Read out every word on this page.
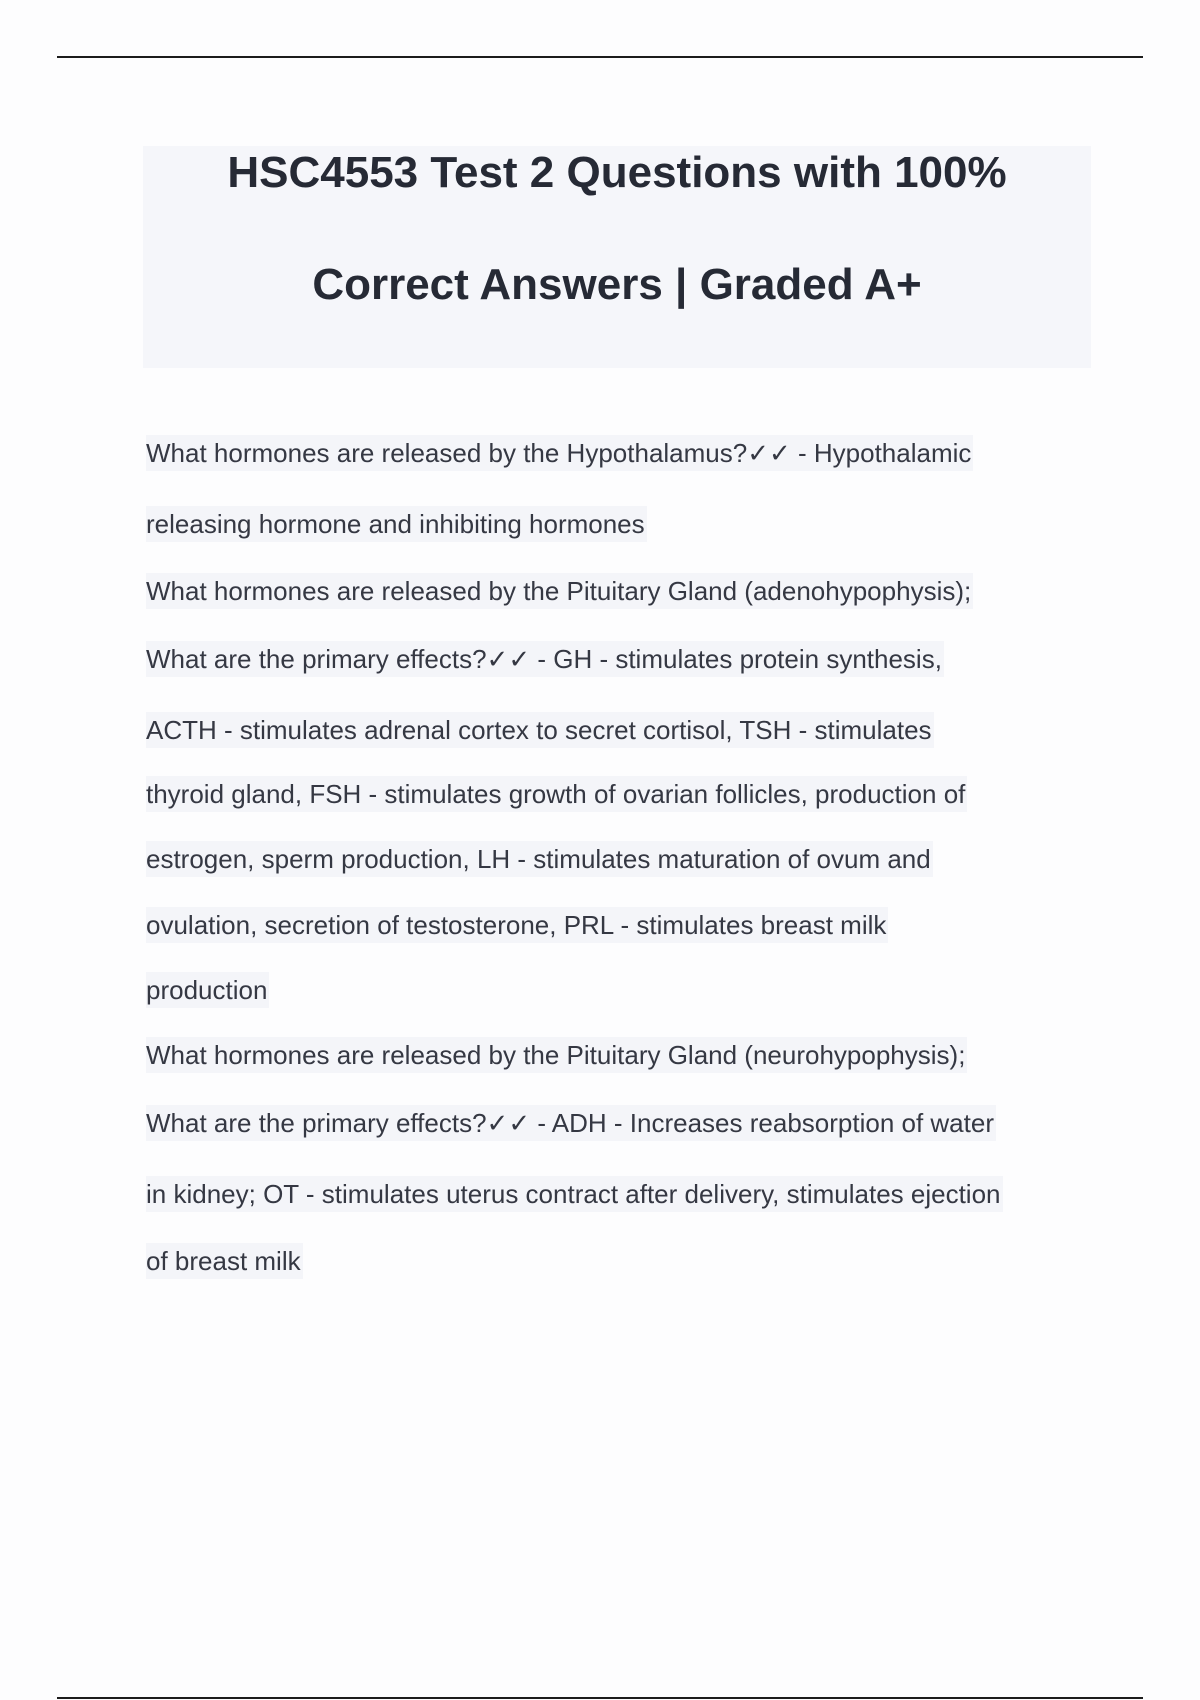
HSC4553 Test 2 Questions with 100%
Correct Answers | Graded A+
What hormones are released by the Hypothalamus?✓✓ - Hypothalamic
releasing hormone and inhibiting hormones
What hormones are released by the Pituitary Gland (adenohypophysis);
What are the primary effects?✓✓ - GH - stimulates protein synthesis,
ACTH - stimulates adrenal cortex to secret cortisol, TSH - stimulates
thyroid gland, FSH - stimulates growth of ovarian follicles, production of
estrogen, sperm production, LH - stimulates maturation of ovum and
ovulation, secretion of testosterone, PRL - stimulates breast milk
production
What hormones are released by the Pituitary Gland (neurohypophysis);
What are the primary effects?✓✓ - ADH - Increases reabsorption of water
in kidney; OT - stimulates uterus contract after delivery, stimulates ejection
of breast milk
